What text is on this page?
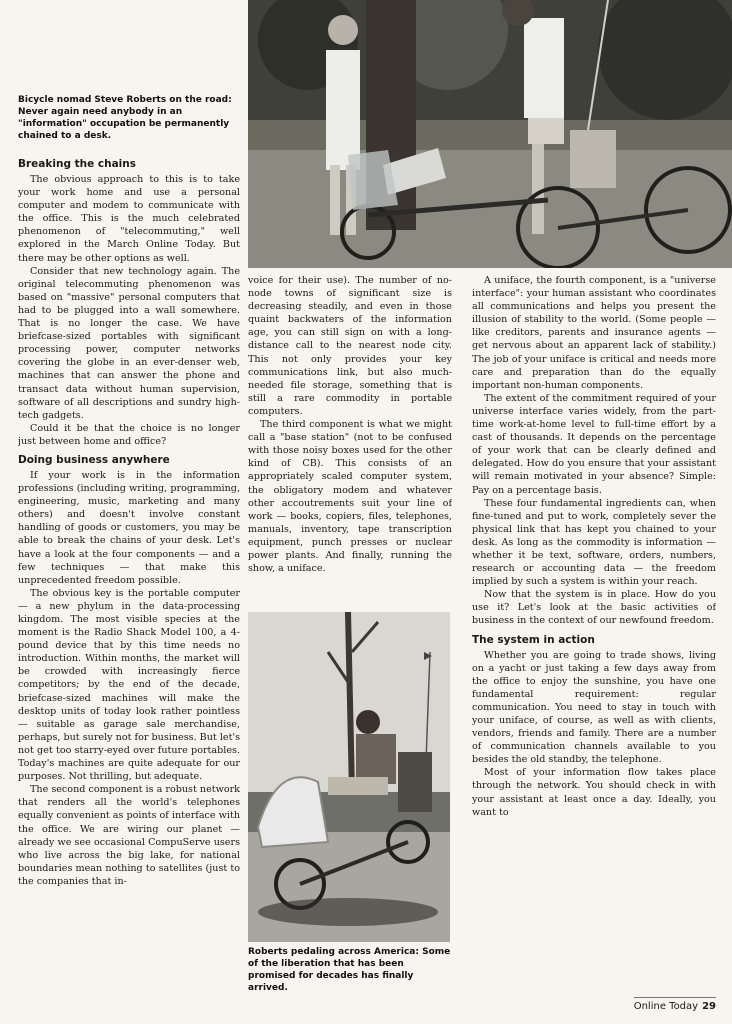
Bicycle nomad Steve Roberts on the road: Never again need anybody in an "information" occupation be permanently chained to a desk.
Breaking the chains

The obvious approach to this is to take your work home and use a personal computer and modem to communicate with the office. This is the much celebrated phenomenon of "telecommuting," well explored in the March Online Today. But there may be other options as well.

Consider that new technology again. The original telecommuting phenomenon was based on "massive" personal computers that had to be plugged into a wall somewhere. That is no longer the case. We have briefcase-sized portables with significant processing power, computer networks covering the globe in an ever-denser web, machines that can answer the phone and transact data without human supervision, software of all descriptions and sundry high-tech gadgets.

Could it be that the choice is no longer just between home and office?

Doing business anywhere

If your work is in the information professions (including writing, programming, engineering, music, marketing and many others) and doesn't involve constant handling of goods or customers, you may be able to break the chains of your desk. Let's have a look at the four components — and a few techniques — that make this unprecedented freedom possible.

The obvious key is the portable computer — a new phylum in the data-processing kingdom. The most visible species at the moment is the Radio Shack Model 100, a 4-pound device that by this time needs no introduction. Within months, the market will be crowded with increasingly fierce competitors; by the end of the decade, briefcase-sized machines will make the desktop units of today look rather pointless — suitable as garage sale merchandise, perhaps, but surely not for business. But let's not get too starry-eyed over future portables. Today's machines are quite adequate for our purposes. Not thrilling, but adequate.

The second component is a robust network that renders all the world's telephones equally convenient as points of interface with the office. We are wiring our planet — already we see occasional CompuServe users who live across the big lake, for national boundaries mean nothing to satellites (just to the companies that in-

voice for their use). The number of no-node towns of significant size is decreasing steadily, and even in those quaint backwaters of the information age, you can still sign on with a long-distance call to the nearest node city. This not only provides your key communications link, but also much-needed file storage, something that is still a rare commodity in portable computers.

The third component is what we might call a "base station" (not to be confused with those noisy boxes used for the other kind of CB). This consists of an appropriately scaled computer system, the obligatory modem and whatever other accoutrements suit your line of work — books, copiers, files, telephones, manuals, inventory, tape transcription equipment, punch presses or nuclear power plants. And finally, running the show, a uniface.

Roberts pedaling across America: Some of the liberation that has been promised for decades has finally arrived.

A uniface, the fourth component, is a "universe interface": your human assistant who coordinates all communications and helps you present the illusion of stability to the world. (Some people — like creditors, parents and insurance agents — get nervous about an apparent lack of stability.) The job of your uniface is critical and needs more care and preparation than do the equally important non-human components.

The extent of the commitment required of your universe interface varies widely, from the part-time work-at-home level to full-time effort by a cast of thousands. It depends on the percentage of your work that can be clearly defined and delegated. How do you ensure that your assistant will remain motivated in your absence? Simple: Pay on a percentage basis.

These four fundamental ingredients can, when fine-tuned and put to work, completely sever the physical link that has kept you chained to your desk. As long as the commodity is information — whether it be text, software, orders, numbers, research or accounting data — the freedom implied by such a system is within your reach.

Now that the system is in place. How do you use it? Let's look at the basic activities of business in the context of our newfound freedom.

The system in action

Whether you are going to trade shows, living on a yacht or just taking a few days away from the office to enjoy the sunshine, you have one fundamental requirement: regular communication. You need to stay in touch with your uniface, of course, as well as with clients, vendors, friends and family. There are a number of communication channels available to you besides the old standby, the telephone.

Most of your information flow takes place through the network. You should check in with your assistant at least once a day. Ideally, you want to

Online Today 29
